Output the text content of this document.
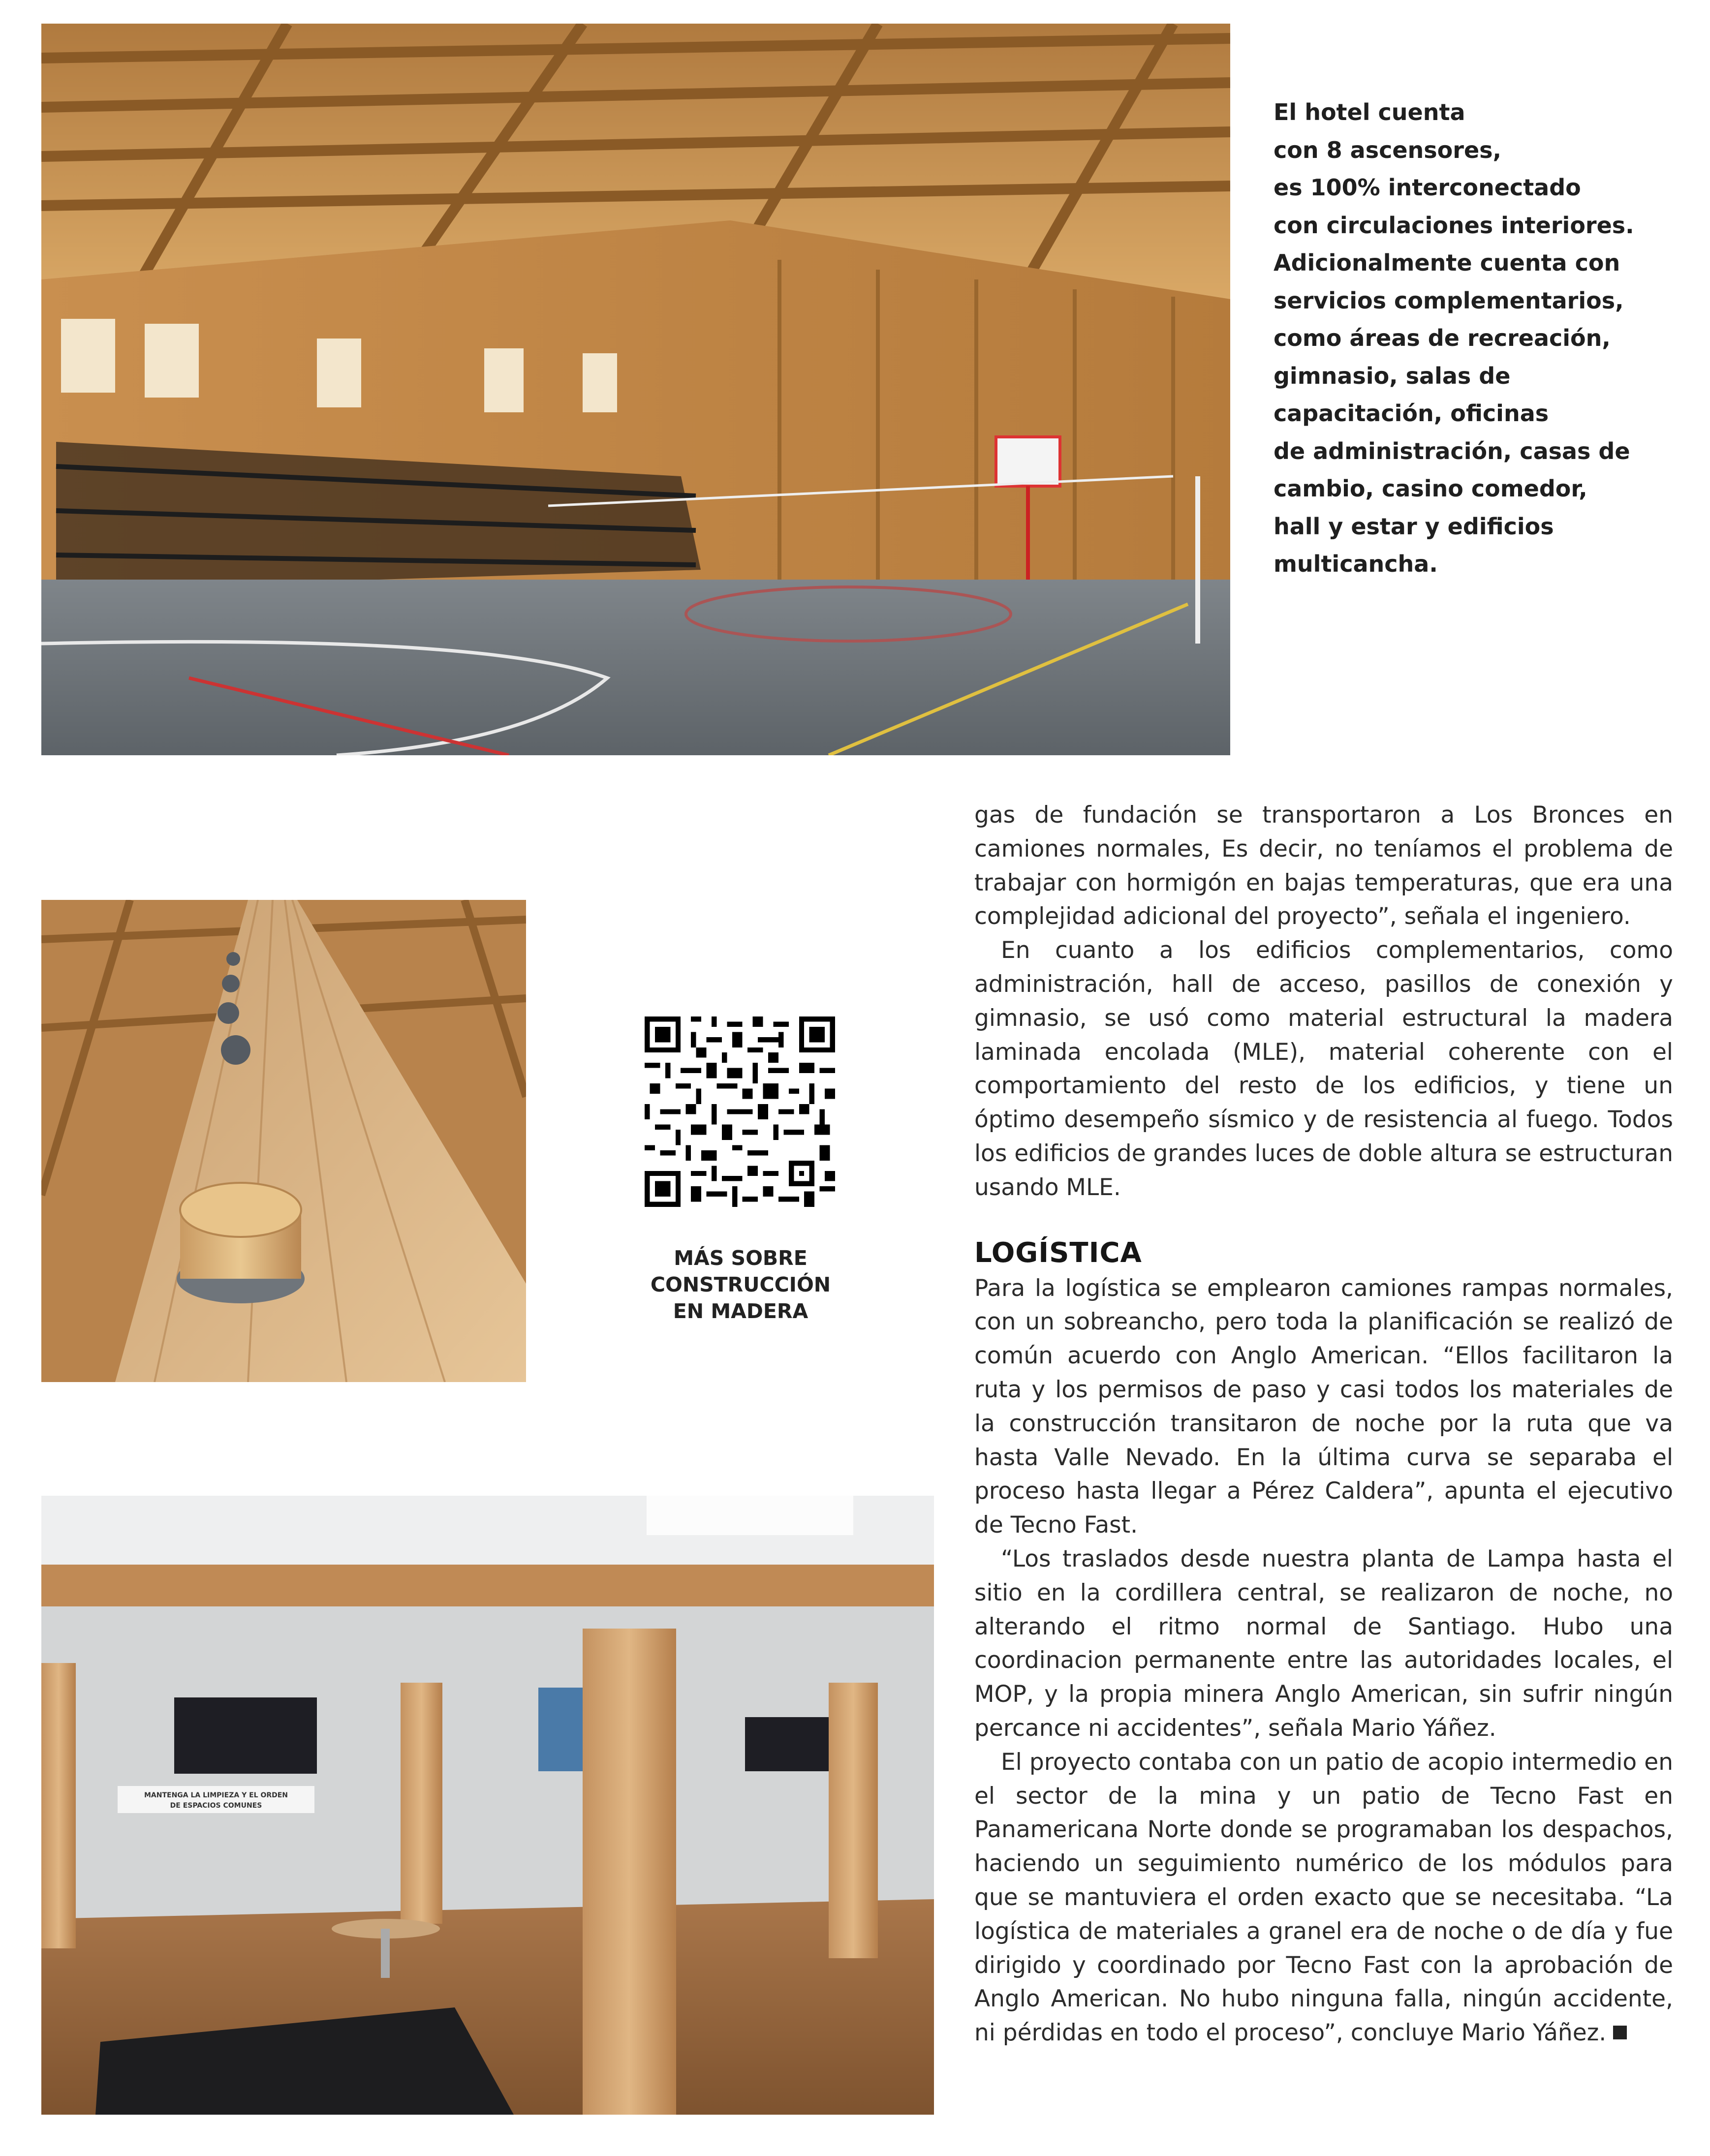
El hotel cuenta
con 8 ascensores,
es 100% interconectado
con circulaciones interiores.
Adicionalmente cuenta con
servicios complementarios,
como áreas de recreación,
gimnasio, salas de
capacitación, oficinas
de administración, casas de
cambio, casino comedor,
hall y estar y edificios
multicancha.
MÁS SOBRE
CONSTRUCCIÓN
EN MADERA
MANTENGA LA LIMPIEZA Y EL ORDEN
DE ESPACIOS COMUNES

gas de fundación se transportaron a Los Bronces en camiones normales, Es decir, no teníamos el problema de trabajar con hormigón en bajas temperaturas, que era una complejidad adicional del proyecto”, señala el ingeniero.

En cuanto a los edificios complementarios, como administración, hall de acceso, pasillos de conexión y gimnasio, se usó como material estructural la madera laminada encolada (MLE), material coherente con el comportamiento del resto de los edificios, y tiene un óptimo desempeño sísmico y de resistencia al fuego. Todos los edificios de grandes luces de doble altura se estructuran usando MLE.

LOGÍSTICA

Para la logística se emplearon camiones rampas normales, con un sobreancho, pero toda la planificación se realizó de común acuerdo con Anglo American. “Ellos facilitaron la ruta y los permisos de paso y casi todos los materiales de la construcción transitaron de noche por la ruta que va hasta Valle Nevado. En la última curva se separaba el proceso hasta llegar a Pérez Caldera”, apunta el ejecutivo de Tecno Fast.

“Los traslados desde nuestra planta de Lampa hasta el sitio en la cordillera central, se realizaron de noche, no alterando el ritmo normal de Santiago. Hubo una coordinacion permanente entre las autoridades locales, el MOP, y la propia minera Anglo American, sin sufrir ningún percance ni accidentes”, señala Mario Yáñez.

El proyecto contaba con un patio de acopio intermedio en el sector de la mina y un patio de Tecno Fast en Panamericana Norte donde se programaban los despachos, haciendo un seguimiento numérico de los módulos para que se mantuviera el orden exacto que se necesitaba. “La logística de materiales a granel era de noche o de día y fue dirigido y coordinado por Tecno Fast con la aprobación de Anglo American. No hubo ninguna falla, ningún accidente, ni pérdidas en todo el proceso”, concluye Mario Yáñez.
